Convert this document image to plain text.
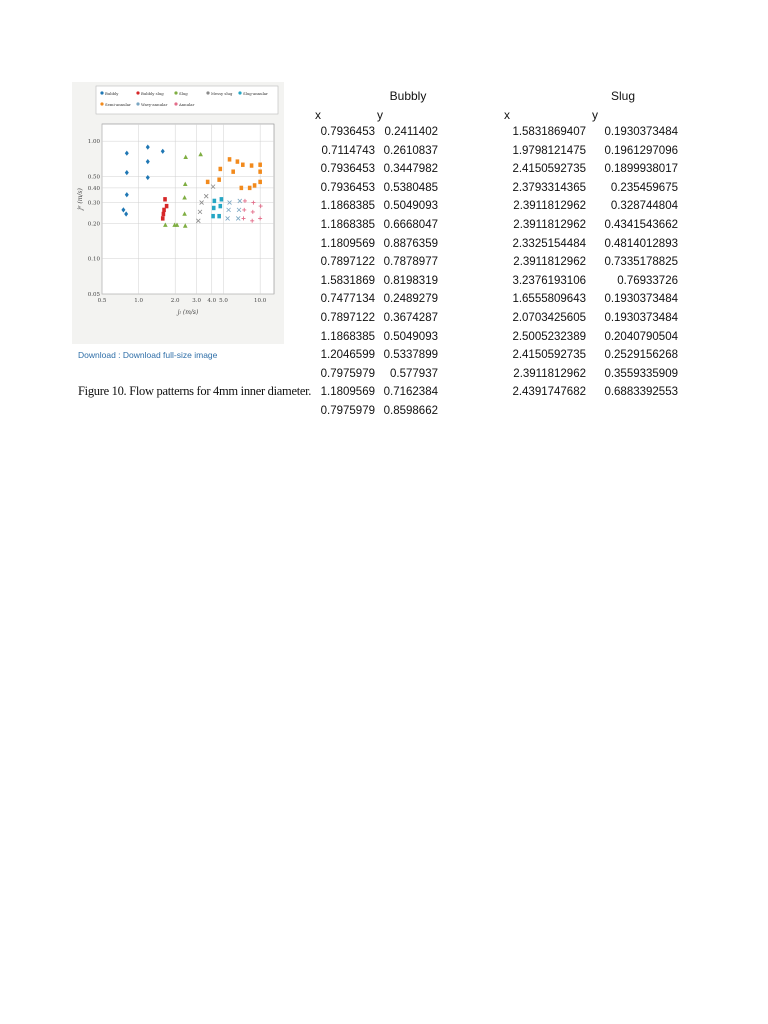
Bubbly	Bubbly slug	Slug	Messy slug	Slug-annular
Semi-annular	Wavy-annular	Annular
0.5	1.0	2.0 3.0 4.0 5.0	10.0
0.05
0.10
0.20
0.30
0.40
0.50
1.00
jₗ (m/s)
jᵍ (m/s)
Download : Download full-size image
Figure 10. Flow patterns for 4mm inner diameter.
Bubbly
x	y
0.7936453 0.2411402
0.7114743 0.2610837
0.7936453 0.3447982
0.7936453 0.5380485
1.1868385 0.5049093
1.1868385 0.6668047
1.1809569 0.8876359
0.7897122 0.7878977
1.5831869 0.8198319
0.7477134 0.2489279
0.7897122 0.3674287
1.1868385 0.5049093
1.2046599 0.5337899
0.7975979	0.577937
1.1809569 0.7162384
0.7975979 0.8598662
Slug
x	y
1.5831869407	0.1930373484
1.9798121475	0.1961297096
2.4150592735	0.1899938017
2.3793314365	0.235459675
2.3911812962	0.328744804
2.3911812962	0.4341543662
2.3325154484	0.4814012893
2.3911812962	0.7335178825
3.2376193106	0.76933726
1.6555809643	0.1930373484
2.0703425605	0.1930373484
2.5005232389	0.2040790504
2.4150592735	0.2529156268
2.3911812962	0.3559335909
2.4391747682	0.6883392553
